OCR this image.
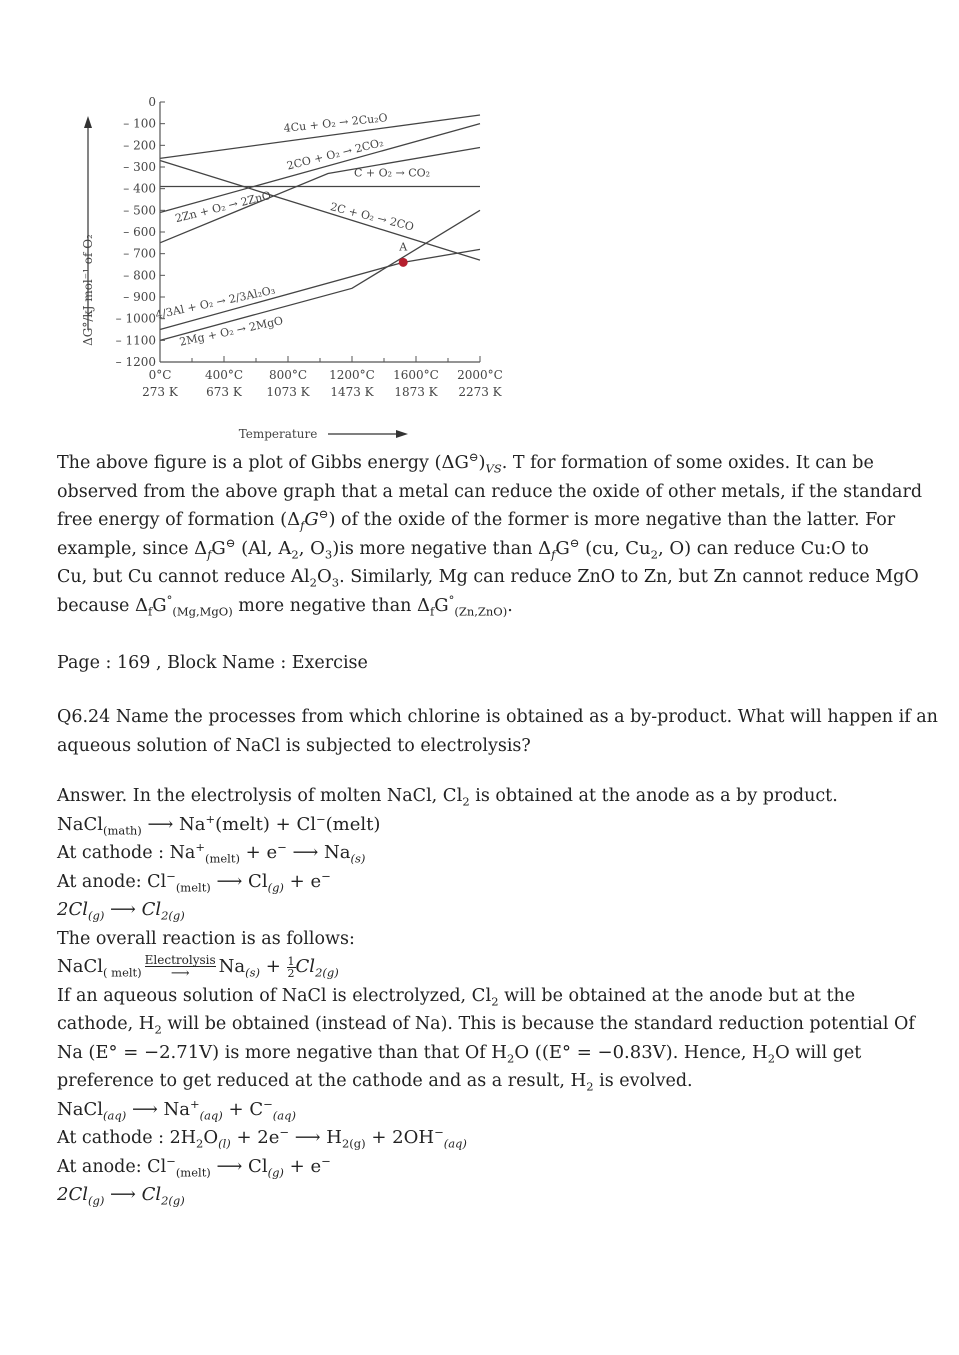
0
– 100
– 200
– 300
– 400
– 500
– 600
– 700
– 800
– 900
– 1000
– 1100
– 1200
0°C
273 K
400°C
673 K
800°C
1073 K
1200°C
1473 K
1600°C
1873 K
2000°C
2273 K
4Cu + O₂ → 2Cu₂O
2CO + O₂ → 2CO₂
C + O₂ → CO₂
2C + O₂ → 2CO
2Zn + O₂ → 2ZnO
4/3Al + O₂ → 2/3Al₂O₃
2Mg + O₂ → 2MgO
A
ΔG°/kJ mol⁻¹ of O₂
Temperature
The above figure is a plot of Gibbs energy $(\Delta G^⊖)_{VS}$. T for formation of some oxides. It can be
observed from the above graph that a metal can reduce the oxide of other metals, if the standard
free energy of formation $(\Delta_fG^⊖)$ of the oxide of the former is more negative than the latter. For
example, since $\Delta_fG^⊖$ (Al, $A_2$, $O_3)is$ more negative than $\Delta_fG^⊖$ (cu, $Cu_2$, O) can reduce Cu:O to
Cu, but Cu cannot reduce $Al_2O_3$. Similarly, Mg can reduce ZnO to Zn, but Zn cannot reduce MgO
because $\Delta_fG^\circ_{(Mg,MgO)}$ more negative than $\Delta_fG^\circ_{(Zn,ZnO)}$.
Page : 169 , Block Name : Exercise
Q6.24 Name the processes from which chlorine is obtained as a by-product. What will happen if an
aqueous solution of NaCl is subjected to electrolysis?
Answer. In the electrolysis of molten NaCl, $Cl_2$ is obtained at the anode as a by product.
NaCl$_{(math)}$ ⟶ Na+(melt) + Cl−(melt)
At cathode : $Na^+_{(melt)} + e^-$ ⟶ $Na_{(s)}$
At anode: $Cl^-_{(melt)}$ ⟶ $Cl_{(g)} + e^-$
$2Cl_{(g)}$ ⟶ $Cl_{2(g)}$
The overall reaction is as follows:
NaCl$_{( melt)}$
Electrolysis
⟶	$Na_{(s)} + \frac{1}{2} Cl_{2(g)}$
If an aqueous solution of NaCl is electrolyzed, $Cl_2$ will be obtained at the anode but at the
cathode, $H_2$ will be obtained (instead of Na). This is because the standard reduction potential Of
Na (E° = −2.71V) is more negative than that Of $H_2O$ ((E° = −0.83V). Hence, $H_2O$ will get
preference to get reduced at the cathode and as a result, $H_2$ is evolved.
NaCl$_{(aq)}$ ⟶ $Na^+_{(aq)} + C^-_{(aq)}$
At cathode : $2H_2O_{(l)} + 2e^-$ ⟶ $H_{2(g)} + 2OH^-_{(aq)}$
At anode: $Cl^-_{(melt)}$ ⟶ $Cl_{(g)} + e^-$
$2Cl_{(g)}$ ⟶ $Cl_{2(g)}$
